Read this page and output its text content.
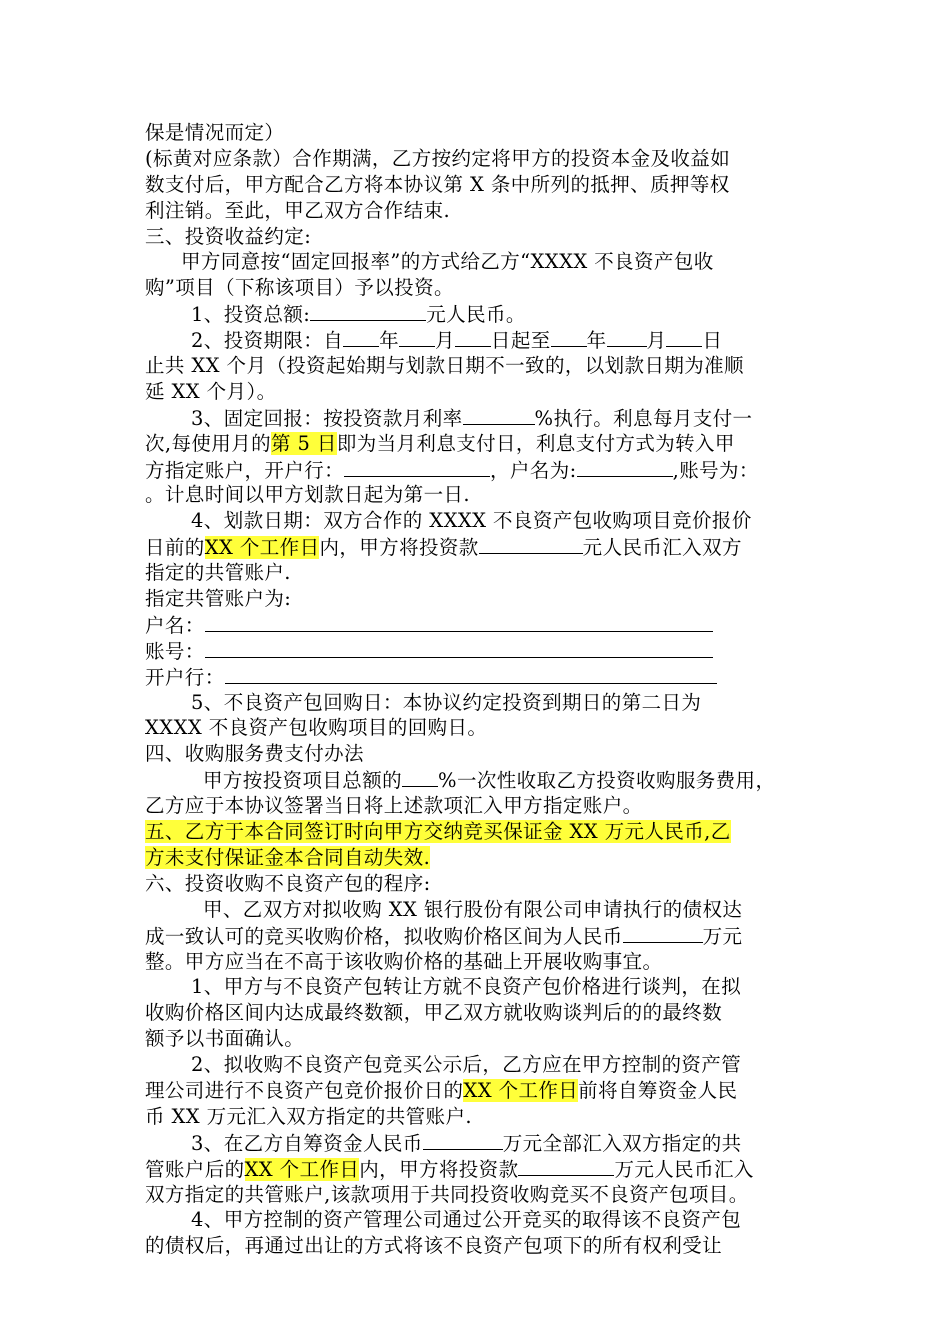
保是情况而定）
(标黄对应条款）合作期满，乙方按约定将甲方的投资本金及收益如
数支付后，甲方配合乙方将本协议第 X 条中所列的抵押、质押等权
利注销。至此，甲乙双方合作结束.
三、投资收益约定:
甲方同意按“固定回报率”的方式给乙方“XXXX 不良资产包收
购”项目（下称该项目）予以投资。
1、投资总额:	元人民币。
2、投资期限：自 年 月 日起至 年 月 日
止共 XX 个月（投资起始期与划款日期不一致的，以划款日期为准顺
延 XX 个月）。
3、固定回报：按投资款月利率	%执行。利息每月支付一
次,每使用月的第 5 日即为当月利息支付日，利息支付方式为转入甲
方指定账户，开户行：	，户名为:	,账号为：
。计息时间以甲方划款日起为第一日.
4、划款日期：双方合作的 XXXX 不良资产包收购项目竞价报价
日前的XX 个工作日内，甲方将投资款	元人民币汇入双方
指定的共管账户.
指定共管账户为:
户名：
账号：
开户行：
5、不良资产包回购日：本协议约定投资到期日的第二日为
XXXX 不良资产包收购项目的回购日。
四、收购服务费支付办法
甲方按投资项目总额的 %一次性收取乙方投资收购服务费用，
乙方应于本协议签署当日将上述款项汇入甲方指定账户。
五、乙方于本合同签订时向甲方交纳竞买保证金 XX 万元人民币,乙
方未支付保证金本合同自动失效.
六、投资收购不良资产包的程序:
甲、乙双方对拟收购 XX 银行股份有限公司申请执行的债权达
成一致认可的竞买收购价格，拟收购价格区间为人民币	万元
整。甲方应当在不高于该收购价格的基础上开展收购事宜。
1、甲方与不良资产包转让方就不良资产包价格进行谈判，在拟
收购价格区间内达成最终数额，甲乙双方就收购谈判后的的最终数
额予以书面确认。
2、拟收购不良资产包竞买公示后，乙方应在甲方控制的资产管
理公司进行不良资产包竞价报价日的XX 个工作日前将自筹资金人民
币 XX 万元汇入双方指定的共管账户.
3、在乙方自筹资金人民币	万元全部汇入双方指定的共
管账户后的XX 个工作日内，甲方将投资款	万元人民币汇入
双方指定的共管账户,该款项用于共同投资收购竞买不良资产包项目。
4、甲方控制的资产管理公司通过公开竞买的取得该不良资产包
的债权后，再通过出让的方式将该不良资产包项下的所有权利受让
